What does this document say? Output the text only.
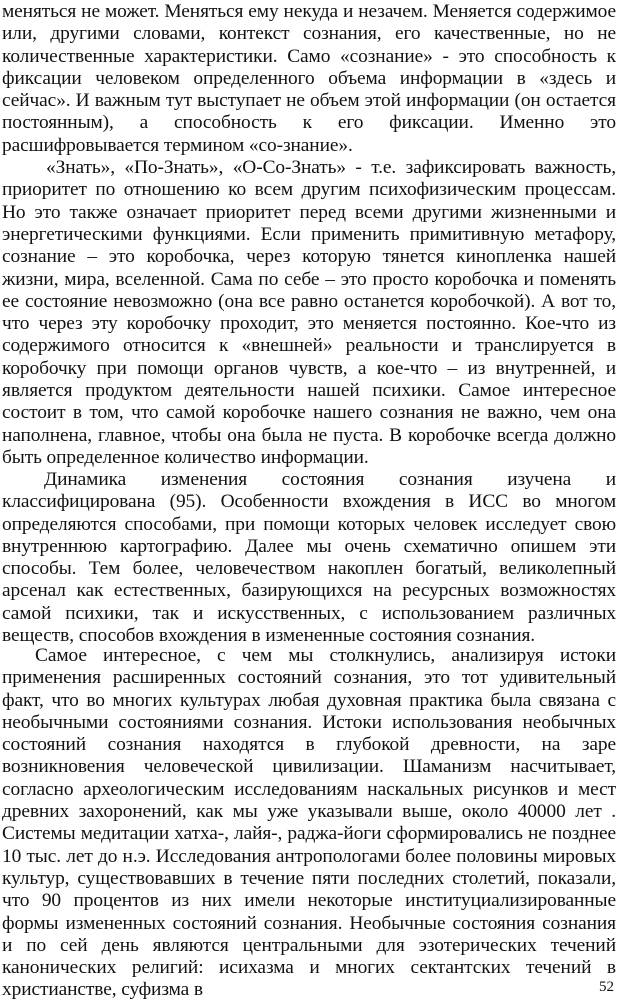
меняться не может. Меняться ему некуда и незачем. Меняется содержимое или, другими словами, контекст сознания, его качественные, но не количественные характеристики. Само «сознание» - это способность к фиксации человеком определенного объема информации в «здесь и сейчас». И важным тут выступает не объем этой информации (он остается постоянным), а способность к его фиксации. Именно это расшифровывается термином «со-знание».

«Знать», «По-Знать», «О-Со-Знать» - т.е. зафиксировать важность, приоритет по отношению ко всем другим психофизическим процессам. Но это также означает приоритет перед всеми другими жизненными и энергетическими функциями. Если применить примитивную метафору, сознание – это коробочка, через которую тянется кинопленка нашей жизни, мира, вселенной. Сама по себе – это просто коробочка и поменять ее состояние невозможно (она все равно останется коробочкой). А вот то, что через эту коробочку проходит, это меняется постоянно. Кое-что из содержимого относится к «внешней» реальности и транслируется в коробочку при помощи органов чувств, а кое-что – из внутренней, и является продуктом деятельности нашей психики. Самое интересное состоит в том, что самой коробочке нашего сознания не важно, чем она наполнена, главное, чтобы она была не пуста. В коробочке всегда должно быть определенное количество информации.

Динамика изменения состояния сознания изучена и классифицирована (95). Особенности вхождения в ИСС во многом определяются способами, при помощи которых человек исследует свою внутреннюю картографию. Далее мы очень схематично опишем эти способы. Тем более, человечеством накоплен богатый, великолепный арсенал как естественных, базирующихся на ресурсных возможностях самой психики, так и искусственных, с использованием различных веществ, способов вхождения в измененные состояния сознания.

Самое интересное, с чем мы столкнулись, анализируя истоки применения расширенных состояний сознания, это тот удивительный факт, что во многих культурах любая духовная практика была связана с необычными состояниями сознания. Истоки использования необычных состояний сознания находятся в глубокой древности, на заре возникновения человеческой цивилизации. Шаманизм насчитывает, согласно археологическим исследованиям наскальных рисунков и мест древних захоронений, как мы уже указывали выше, около 40000 лет . Системы медитации хатха-, лайя-, раджа-йоги сформировались не позднее 10 тыс. лет до н.э. Исследования антропологами более половины мировых культур, существовавших в течение пяти последних столетий, показали, что 90 процентов из них имели некоторые институциализированные формы измененных состояний сознания. Необычные состояния сознания и по сей день являются центральными для эзотерических течений канонических религий: исихазма и многих сектантских течений в христианстве, суфизма в	52
